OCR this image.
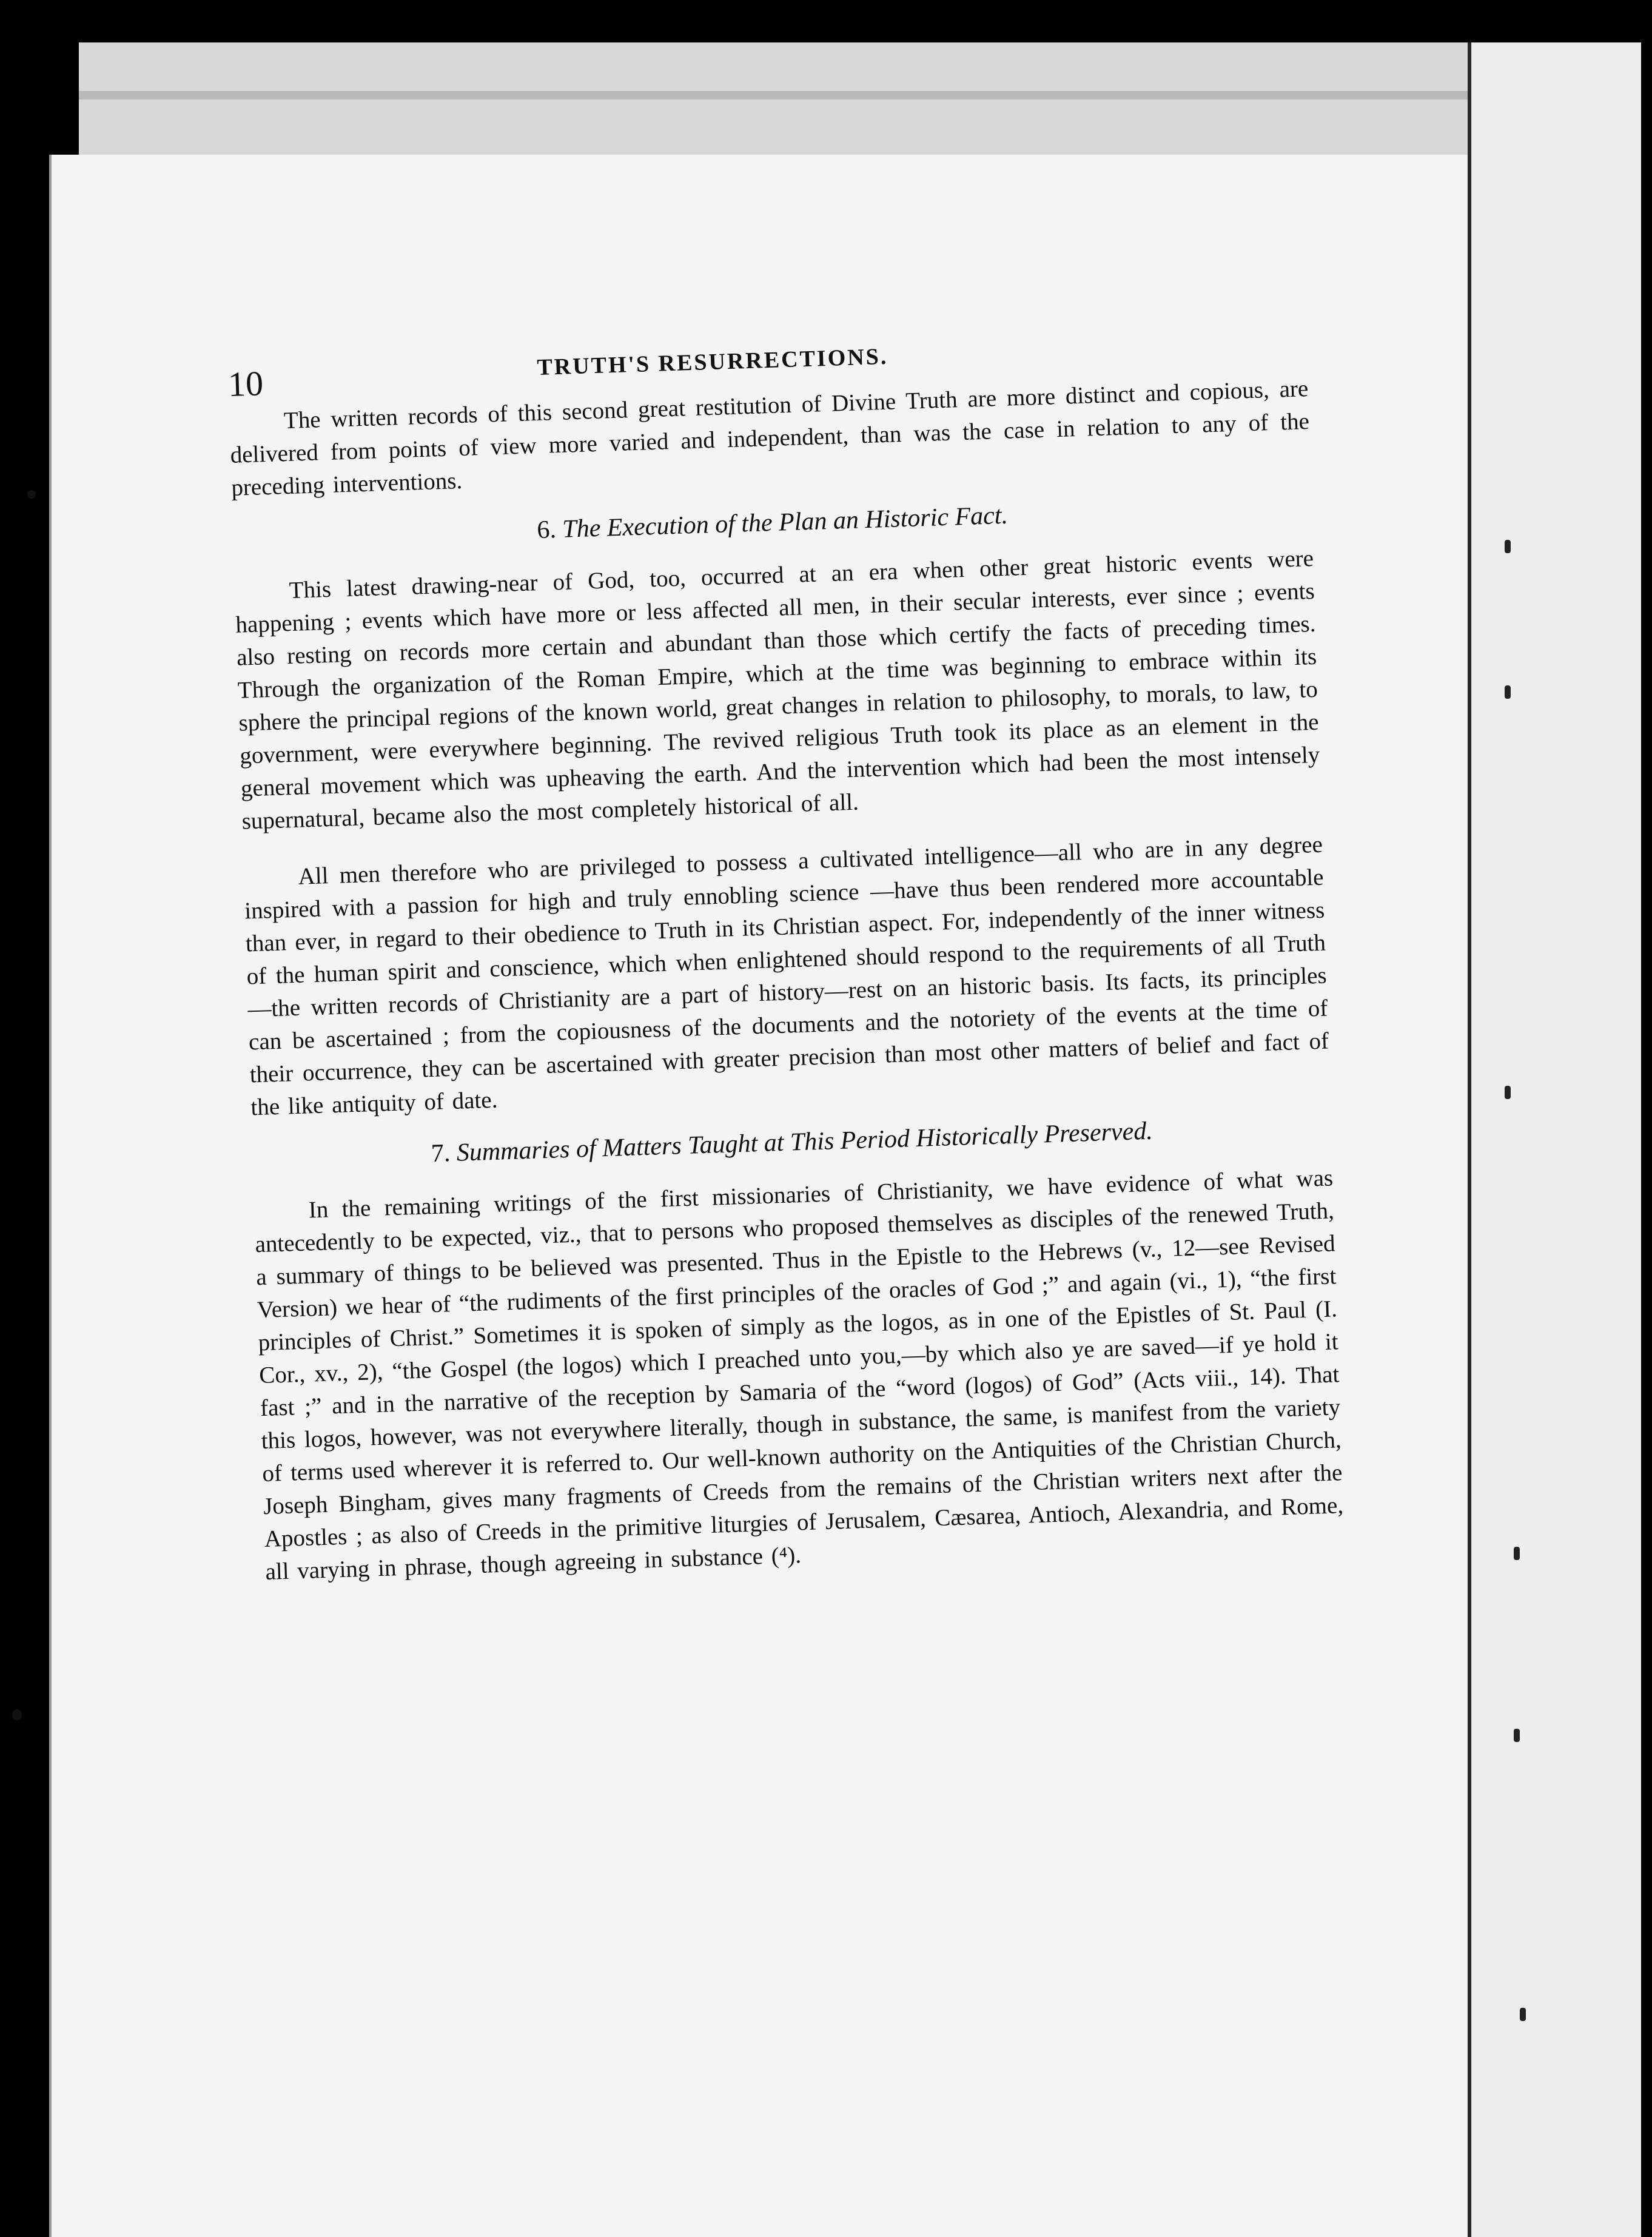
10
TRUTH'S RESURRECTIONS.

The written records of this second great restitution of Divine Truth are more distinct and copious, are delivered from points of view more varied and independent, than was the case in relation to any of the preceding interventions.

6. The Execution of the Plan an Historic Fact.

This latest drawing-near of God, too, occurred at an era when other great historic events were happening ; events which have more or less affected all men, in their secular interests, ever since ; events also resting on records more certain and abundant than those which certify the facts of preceding times. Through the organization of the Roman Empire, which at the time was beginning to embrace within its sphere the principal regions of the known world, great changes in relation to philosophy, to morals, to law, to government, were everywhere beginning. The revived religious Truth took its place as an element in the general movement which was upheaving the earth. And the intervention which had been the most intensely supernatural, became also the most completely historical of all.

All men therefore who are privileged to possess a cultivated intelligence—all who are in any degree inspired with a passion for high and truly ennobling science —have thus been rendered more accountable than ever, in regard to their obedience to Truth in its Christian aspect. For, independently of the inner witness of the human spirit and conscience, which when enlightened should respond to the requirements of all Truth—the written records of Christianity are a part of history—rest on an historic basis. Its facts, its principles can be ascertained ; from the copiousness of the documents and the notoriety of the events at the time of their occurrence, they can be ascertained with greater precision than most other matters of belief and fact of the like antiquity of date.

7. Summaries of Matters Taught at This Period Historically Preserved.

In the remaining writings of the first missionaries of Christianity, we have evidence of what was antecedently to be expected, viz., that to persons who proposed themselves as disciples of the renewed Truth, a summary of things to be believed was presented. Thus in the Epistle to the Hebrews (v., 12—see Revised Version) we hear of “the rudiments of the first principles of the oracles of God ;” and again (vi., 1), “the first principles of Christ.” Sometimes it is spoken of simply as the logos, as in one of the Epistles of St. Paul (I. Cor., xv., 2), “the Gospel (the logos) which I preached unto you,—by which also ye are saved—if ye hold it fast ;” and in the narrative of the reception by Samaria of the “word (logos) of God” (Acts viii., 14). That this logos, however, was not everywhere literally, though in substance, the same, is manifest from the variety of terms used wherever it is referred to. Our well-known authority on the Antiquities of the Christian Church, Joseph Bingham, gives many fragments of Creeds from the remains of the Christian writers next after the Apostles ; as also of Creeds in the primitive liturgies of Jerusalem, Cæsarea, Antioch, Alexandria, and Rome, all varying in phrase, though agreeing in substance (⁴).
